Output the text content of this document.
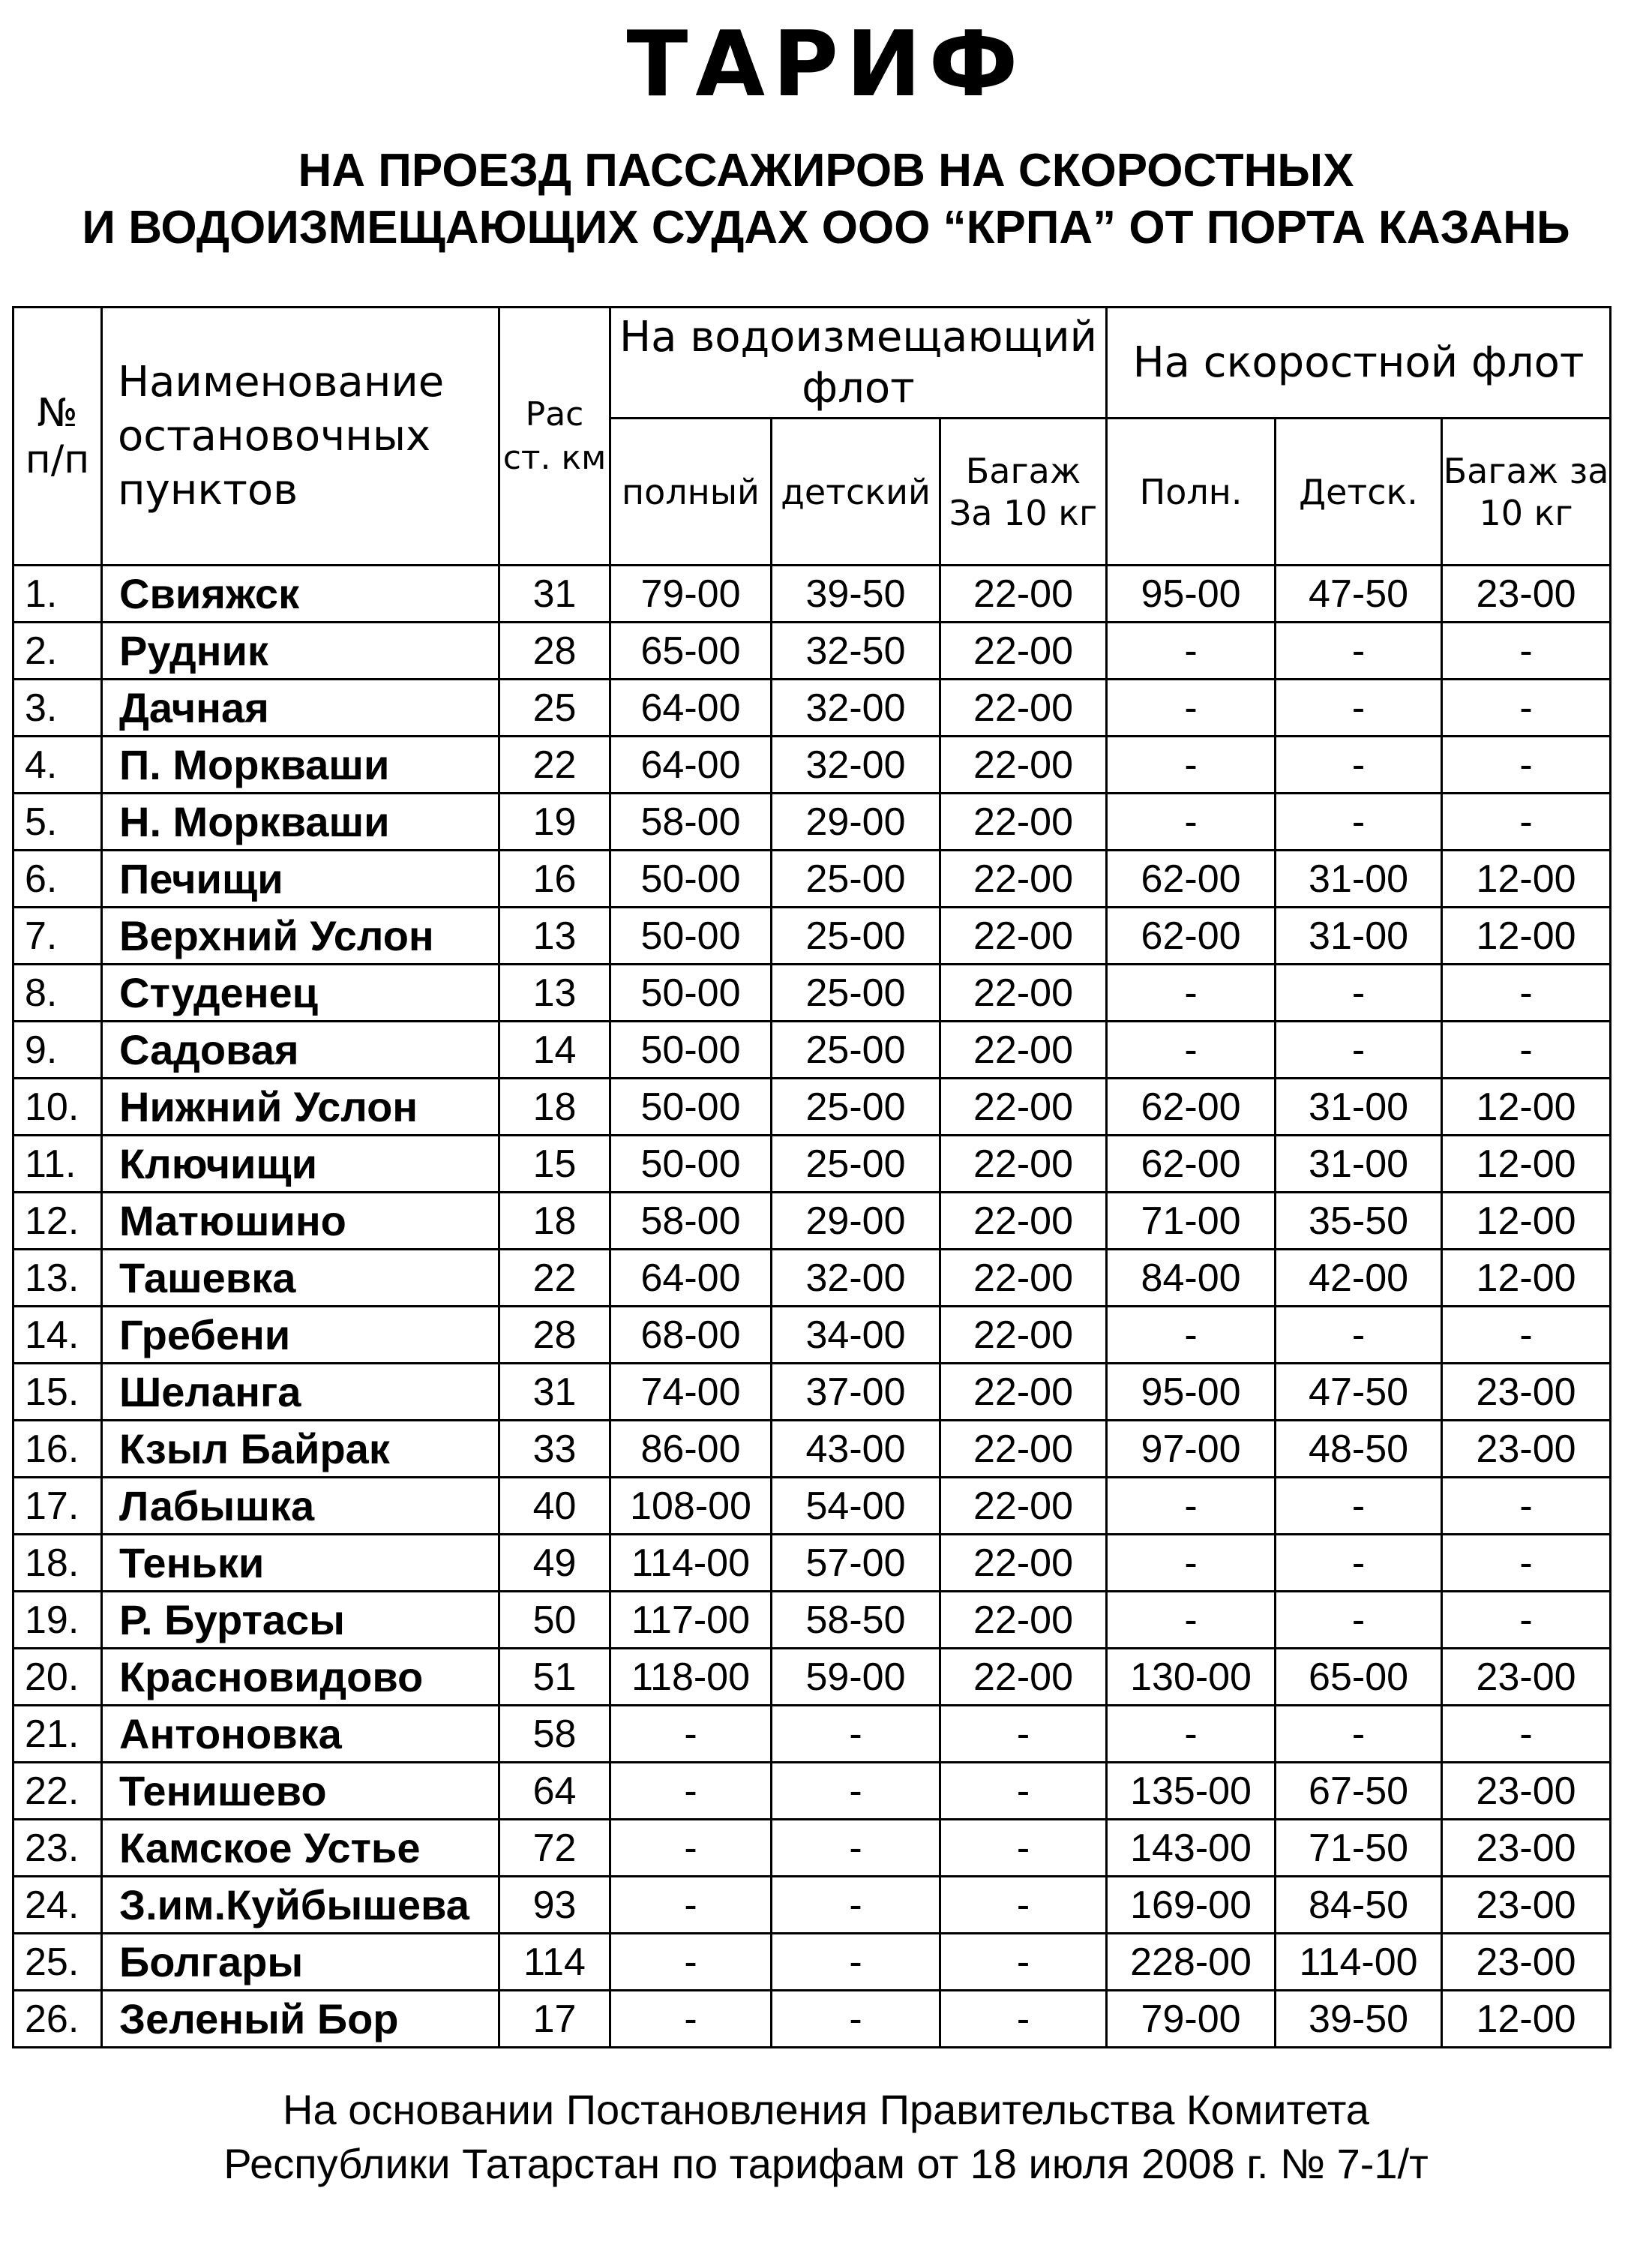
ТАРИФ
НА ПРОЕЗД ПАССАЖИРОВ НА СКОРОСТНЫХ
И ВОДОИЗМЕЩАЮЩИХ СУДАХ ООО “КРПА” ОТ ПОРТА КАЗАНЬ
№ п/п	Наименование остановочных пунктов	Рас ст. км	На водоизмещающий флот			На скоростной флот		
			полный	детский	Багаж За 10 кг	Полн.	Детск.	Багаж за 10 кг
1.	Свияжск	31	79-00	39-50	22-00	95-00	47-50	23-00
2.	Рудник	28	65-00	32-50	22-00	-	-	-
3.	Дачная	25	64-00	32-00	22-00	-	-	-
4.	П. Моркваши	22	64-00	32-00	22-00	-	-	-
5.	Н. Моркваши	19	58-00	29-00	22-00	-	-	-
6.	Печищи	16	50-00	25-00	22-00	62-00	31-00	12-00
7.	Верхний Услон	13	50-00	25-00	22-00	62-00	31-00	12-00
8.	Студенец	13	50-00	25-00	22-00	-	-	-
9.	Садовая	14	50-00	25-00	22-00	-	-	-
10.	Нижний Услон	18	50-00	25-00	22-00	62-00	31-00	12-00
11.	Ключищи	15	50-00	25-00	22-00	62-00	31-00	12-00
12.	Матюшино	18	58-00	29-00	22-00	71-00	35-50	12-00
13.	Ташевка	22	64-00	32-00	22-00	84-00	42-00	12-00
14.	Гребени	28	68-00	34-00	22-00	-	-	-
15.	Шеланга	31	74-00	37-00	22-00	95-00	47-50	23-00
16.	Кзыл Байрак	33	86-00	43-00	22-00	97-00	48-50	23-00
17.	Лабышка	40	108-00	54-00	22-00	-	-	-
18.	Теньки	49	114-00	57-00	22-00	-	-	-
19.	Р. Буртасы	50	117-00	58-50	22-00	-	-	-
20.	Красновидово	51	118-00	59-00	22-00	130-00	65-00	23-00
21.	Антоновка	58	-	-	-	-	-	-
22.	Тенишево	64	-	-	-	135-00	67-50	23-00
23.	Камское Устье	72	-	-	-	143-00	71-50	23-00
24.	З.им.Куйбышева	93	-	-	-	169-00	84-50	23-00
25.	Болгары	114	-	-	-	228-00	114-00	23-00
26.	Зеленый Бор	17	-	-	-	79-00	39-50	12-00
На основании Постановления Правительства Комитета
Республики Татарстан по тарифам от 18 июля 2008 г. № 7-1/т
